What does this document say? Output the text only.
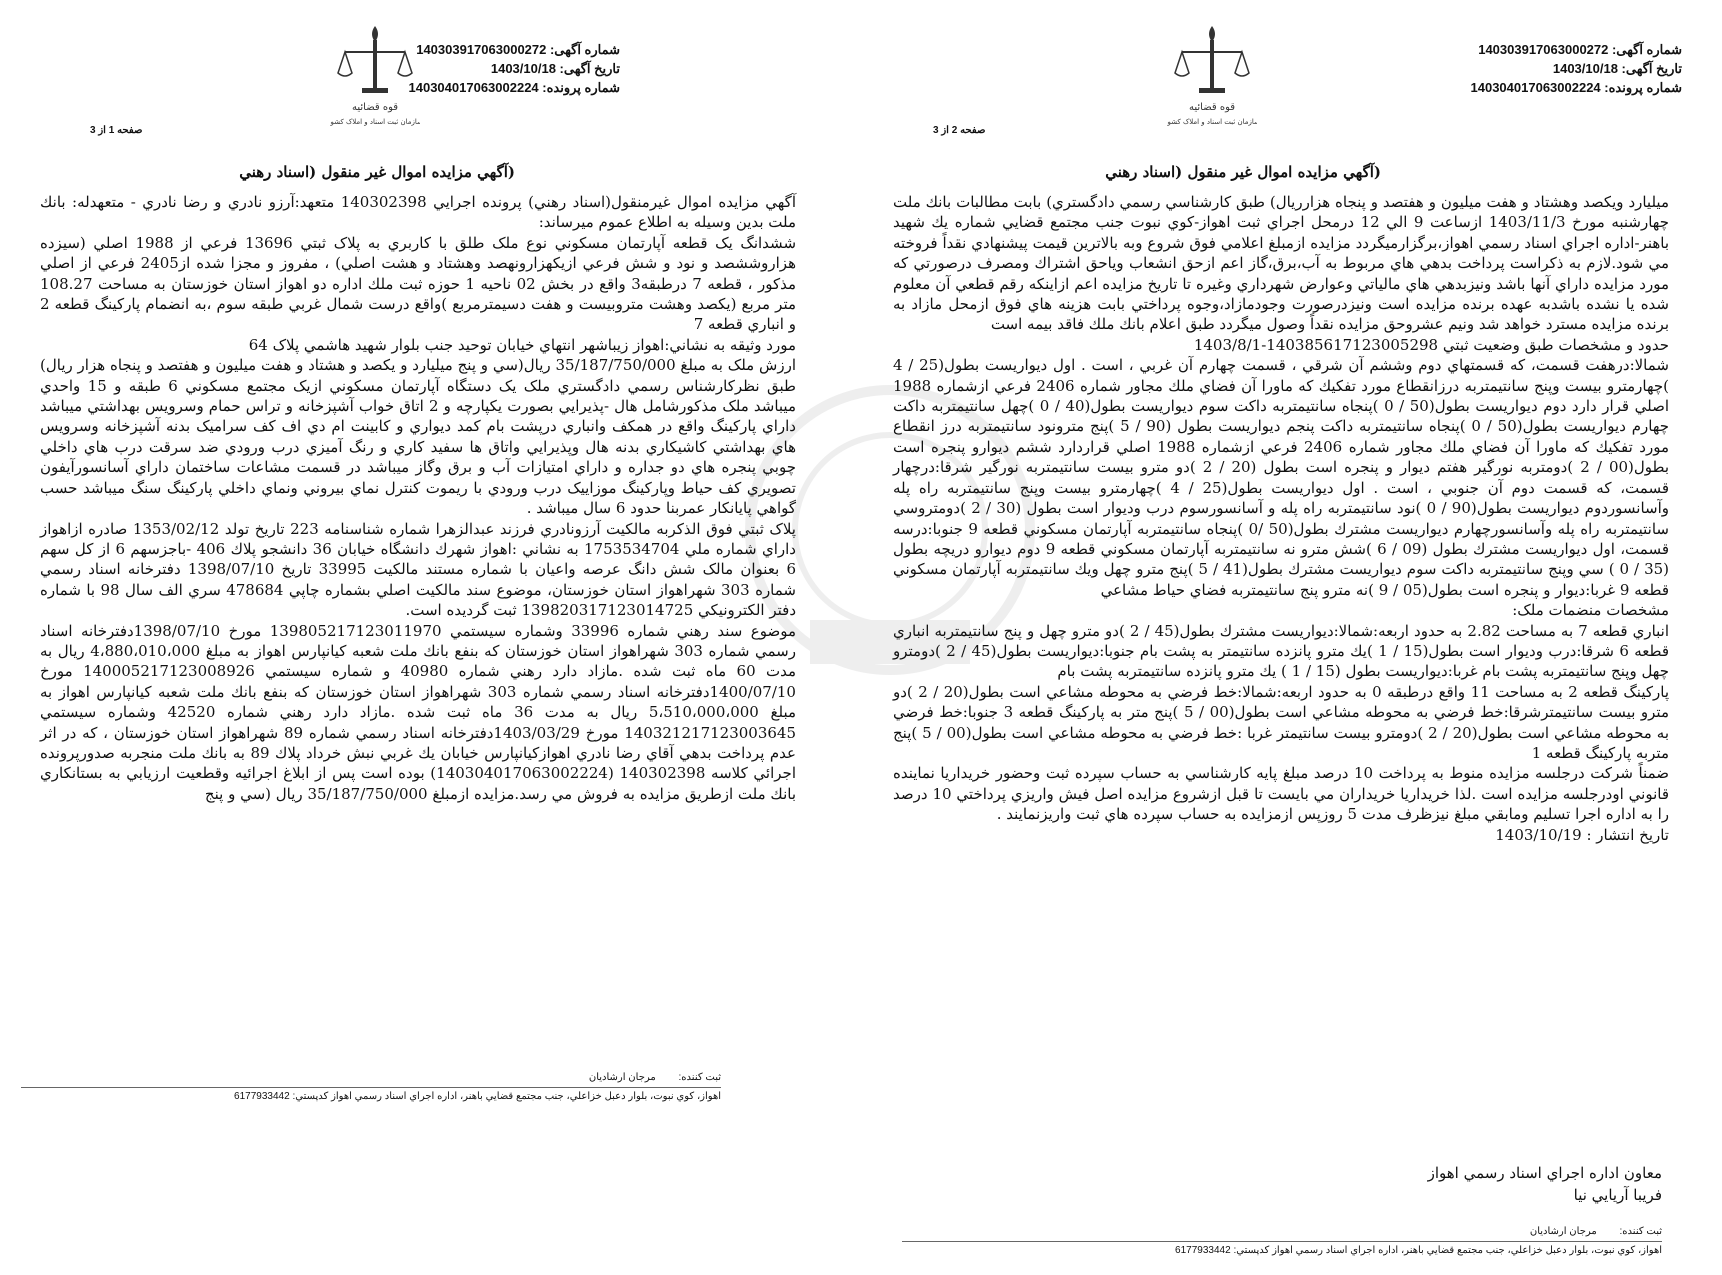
قوه قضائیه
سازمان ثبت اسناد و املاک کشور
شماره آگهی: 140303917063000272
تاریخ آگهی: 1403/10/18
شماره پرونده: 140304017063002224
صفحه 1 از 3
(آگهي مزايده اموال غير منقول (اسناد رهني

آگهي مزايده اموال غيرمنقول(اسناد رهني) پرونده اجرايي 140302398 متعهد:آرزو نادري و رضا نادري - متعهدله: بانك ملت بدين وسيله به اطلاع عموم ميرساند:

ششدانگ يک قطعه آپارتمان مسکوني نوع ملک طلق با کاربري به پلاک ثبتي 13696 فرعي از 1988 اصلي (سيزده هزاروششصد و نود و شش فرعي ازيکهزارونهصد وهشتاد و هشت اصلي) ، مفروز و مجزا شده از2405 فرعي از اصلي مذكور ، قطعه 7 درطبقه3 واقع در بخش 02 ناحيه 1 حوزه ثبت ملك اداره دو اهواز استان خوزستان به مساحت 108.27 متر مربع (يکصد وهشت متروبيست و هفت دسيمترمربع )واقع درست شمال غربي طبقه سوم ،به انضمام پارکينگ قطعه 2 و انباري قطعه 7

مورد وثيقه به نشاني:اهواز زيباشهر انتهاي خيابان توحيد جنب بلوار شهيد هاشمي پلاک 64

ارزش ملک به مبلغ 35/187/750/000 ريال(سي و پنج ميليارد و يکصد و هشتاد و هفت ميليون و هفتصد و پنجاه هزار ريال) طبق نظركارشناس رسمي دادگستري ملک يک دستگاه آپارتمان مسکوني ازيک مجتمع مسکوني 6 طبقه و 15 واحدي ميباشد ملک مذکورشامل هال -پذيرايي بصورت يکپارچه و 2 اتاق خواب آشپزخانه و تراس حمام وسرويس بهداشتي ميباشد داراي پارکينگ واقع در همکف وانباري درپشت بام کمد ديواري و کابينت ام دي اف کف سراميک بدنه آشپزخانه وسرويس هاي بهداشتي کاشيکاري بدنه هال وپذيرايي واتاق ها سفيد کاري و رنگ آميزي درب ورودي ضد سرقت درب هاي داخلي چوبي پنجره هاي دو جداره و داراي امتيازات آب و برق وگاز ميباشد در قسمت مشاعات ساختمان داراي آسانسورآيفون تصويري کف حياط وپارکينگ موزاييک درب ورودي با ريموت کنترل نماي بيروني ونماي داخلي پارکينگ سنگ ميباشد حسب گواهي پايانکار عمربنا حدود 6 سال ميباشد .

پلاک ثبتي فوق الذکربه مالکيت آرزونادري فرزند عبدالزهرا شماره شناسنامه 223 تاريخ تولد 1353/02/12 صادره ازاهواز داراي شماره ملي 1753534704 به نشاني :اهواز شهرك دانشگاه خيابان 36 دانشجو پلاك 406 -باجزسهم 6 از كل سهم 6 بعنوان مالک شش دانگ عرصه واعيان با شماره مستند مالکيت 33995 تاريخ 1398/07/10 دفترخانه اسناد رسمي شماره 303 شهراهواز استان خوزستان، موضوع سند مالکيت اصلي بشماره چاپي 478684 سري الف سال 98 با شماره دفتر الکترونيکي 139820317123014725 ثبت گرديده است.

موضوع سند رهني شماره 33996 وشماره سيستمي 139805217123011970 مورخ 1398/07/10دفترخانه اسناد رسمي شماره 303 شهراهواز استان خوزستان كه بنفع بانك ملت شعبه كيانپارس اهواز به مبلغ 4،880،010،000 ريال به مدت 60 ماه ثبت شده .مازاد دارد رهني شماره 40980 و شماره سيستمي 140005217123008926 مورخ 1400/07/10دفترخانه اسناد رسمي شماره 303 شهراهواز استان خوزستان كه بنفع بانك ملت شعبه كيانپارس اهواز به مبلغ 5،510،000،000 ريال به مدت 36 ماه ثبت شده .مازاد دارد رهني شماره 42520 وشماره سيستمي 140321217123003645 مورخ 1403/03/29دفترخانه اسناد رسمي شماره 89 شهراهواز استان خوزستان ، كه در اثر عدم پرداخت بدهي آقاي رضا نادري اهوازكيانپارس خيابان يك غربي نبش خرداد پلاك 89 به بانك ملت منجربه صدورپرونده اجرائي كلاسه 140302398 (140304017063002224) بوده است پس از ابلاغ اجرائيه وقطعيت ارزيابي به بستانكاري بانك ملت ازطريق مزايده به فروش مي رسد.مزايده ازمبلغ 35/187/750/000 ريال (سي و پنج

ثبت كننده: مرجان ارشاديان
اهواز، كوي نبوت، بلوار دعبل خزاعلي، جنب مجتمع قضايي باهنر، اداره اجراي اسناد رسمي اهواز كدپستي: 6177933442
قوه قضائیه
سازمان ثبت اسناد و املاک کشور
شماره آگهی: 140303917063000272
تاریخ آگهی: 1403/10/18
شماره پرونده: 140304017063002224
صفحه 2 از 3
(آگهي مزايده اموال غير منقول (اسناد رهني

ميليارد ويكصد وهشتاد و هفت ميليون و هفتصد و پنجاه هزارريال) طبق كارشناسي رسمي دادگستري) بابت مطالبات بانك ملت چهارشنبه مورخ 1403/11/3 ازساعت 9 الي 12 درمحل اجراي ثبت اهواز-كوي نبوت جنب مجتمع قضايي شماره يك شهيد باهنر-اداره اجراي اسناد رسمي اهواز،برگزارميگردد مزايده ازمبلغ اعلامي فوق شروع وبه بالاترين قيمت پيشنهادي نقداً فروخته مي شود.لازم به ذكراست پرداخت بدهي هاي مربوط به آب،برق،گاز اعم ازحق انشعاب وياحق اشتراك ومصرف درصورتي كه مورد مزايده داراي آنها باشد ونيزبدهي هاي مالياتي وعوارض شهرداري وغيره تا تاريخ مزايده اعم ازاينكه رقم قطعي آن معلوم شده يا نشده باشدبه عهده برنده مزايده است ونيزدرصورت وجودمازاد،وجوه پرداختي بابت هزينه هاي فوق ازمحل مازاد به برنده مزايده مسترد خواهد شد ونيم عشروحق مزايده نقداً وصول ميگردد طبق اعلام بانك ملك فاقد بيمه است

حدود و مشخصات طبق وضعيت ثبتي 140385617123005298-1403/8/1

شمالا:درهفت قسمت، كه قسمتهاي دوم وششم آن شرقي ، قسمت چهارم آن غربي ، است . اول ديواريست بطول(25 / 4 )چهارمترو بيست وپنج سانتيمتربه درزانقطاع مورد تفكيك كه ماورا آن فضاي ملك مجاور شماره 2406 فرعي ازشماره 1988 اصلي قرار دارد دوم ديواريست بطول(50 / 0 )پنجاه سانتيمتربه داكت سوم ديواريست بطول(40 / 0 )چهل سانتيمتربه داكت چهارم ديواريست بطول(50 / 0 )پنجاه سانتيمتربه داكت پنجم ديواريست بطول (90 / 5 )پنج مترونود سانتيمتربه درز انقطاع مورد تفكيك كه ماورا آن فضاي ملك مجاور شماره 2406 فرعي ازشماره 1988 اصلي قراردارد ششم ديوارو پنجره است بطول(00 / 2 )دومتربه نورگير هفتم ديوار و پنجره است بطول (20 / 2 )دو مترو بيست سانتيمتربه نورگير شرقا:درچهار قسمت، كه قسمت دوم آن جنوبي ، است . اول ديواريست بطول(25 / 4 )چهارمترو بيست وپنج سانتيمتربه راه پله وآسانسوردوم ديواريست بطول(90 / 0 )نود سانتيمتربه راه پله و آسانسورسوم درب وديوار است بطول (30 / 2 )دومتروسي سانتيمتربه راه پله وآسانسورچهارم ديواريست مشترك بطول(50 /0 )پنجاه سانتيمتربه آپارتمان مسكوني قطعه 9 جنوبا:درسه قسمت، اول ديواريست مشترك بطول (09 / 6 )شش مترو نه سانتيمتربه آپارتمان مسكوني قطعه 9 دوم ديوارو دريچه بطول (35 / 0 ) سي وپنج سانتيمتربه داكت سوم ديواريست مشترك بطول(41 / 5 )پنج مترو چهل ويك سانتيمتربه آپارتمان مسكوني قطعه 9 غربا:ديوار و پنجره است بطول(05 / 9 )نه مترو پنج سانتيمتربه فضاي حياط مشاعي

مشخصات منضمات ملک:

انباري قطعه 7 به مساحت 2.82 به حدود اربعه:شمالا:ديواريست مشترك بطول(45 / 2 )دو مترو چهل و پنج سانتيمتربه انباري قطعه 6 شرقا:درب وديوار است بطول(15 / 1 )يك مترو پانزده سانتيمتر به پشت بام جنوبا:ديواريست بطول(45 / 2 )دومترو چهل وپنج سانتيمتربه پشت بام غربا:ديواريست بطول (15 / 1 ) يك مترو پانزده سانتيمتربه پشت بام

پاركينگ قطعه 2 به مساحت 11 واقع درطبقه 0 به حدود اربعه:شمالا:خط فرضي به محوطه مشاعي است بطول(20 / 2 )دو مترو بيست سانتيمترشرقا:خط فرضي به محوطه مشاعي است بطول(00 / 5 )پنج متر به پاركينگ قطعه 3 جنوبا:خط فرضي به محوطه مشاعي است بطول(20 / 2 )دومترو بيست سانتيمتر غربا :خط فرضي به محوطه مشاعي است بطول(00 / 5 )پنج متربه پاركينگ قطعه 1

ضمناً شركت درجلسه مزايده منوط به پرداخت 10 درصد مبلغ پايه كارشناسي به حساب سپرده ثبت وحضور خريداريا نماينده قانوني اودرجلسه مزايده است .لذا خريداريا خريداران مي بايست تا قبل ازشروع مزايده اصل فيش واريزي پرداختي 10 درصد را به اداره اجرا تسليم ومابقي مبلغ نيزظرف مدت 5 روزپس ازمزايده به حساب سپرده هاي ثبت واريزنمايند .

تاريخ انتشار : 1403/10/19

معاون اداره اجراي اسناد رسمي اهواز
فريبا آريايي نيا
ثبت كننده: مرجان ارشاديان
اهواز، كوي نبوت، بلوار دعبل خزاعلي، جنب مجتمع قضايي باهنر، اداره اجراي اسناد رسمي اهواز كدپستي: 6177933442
